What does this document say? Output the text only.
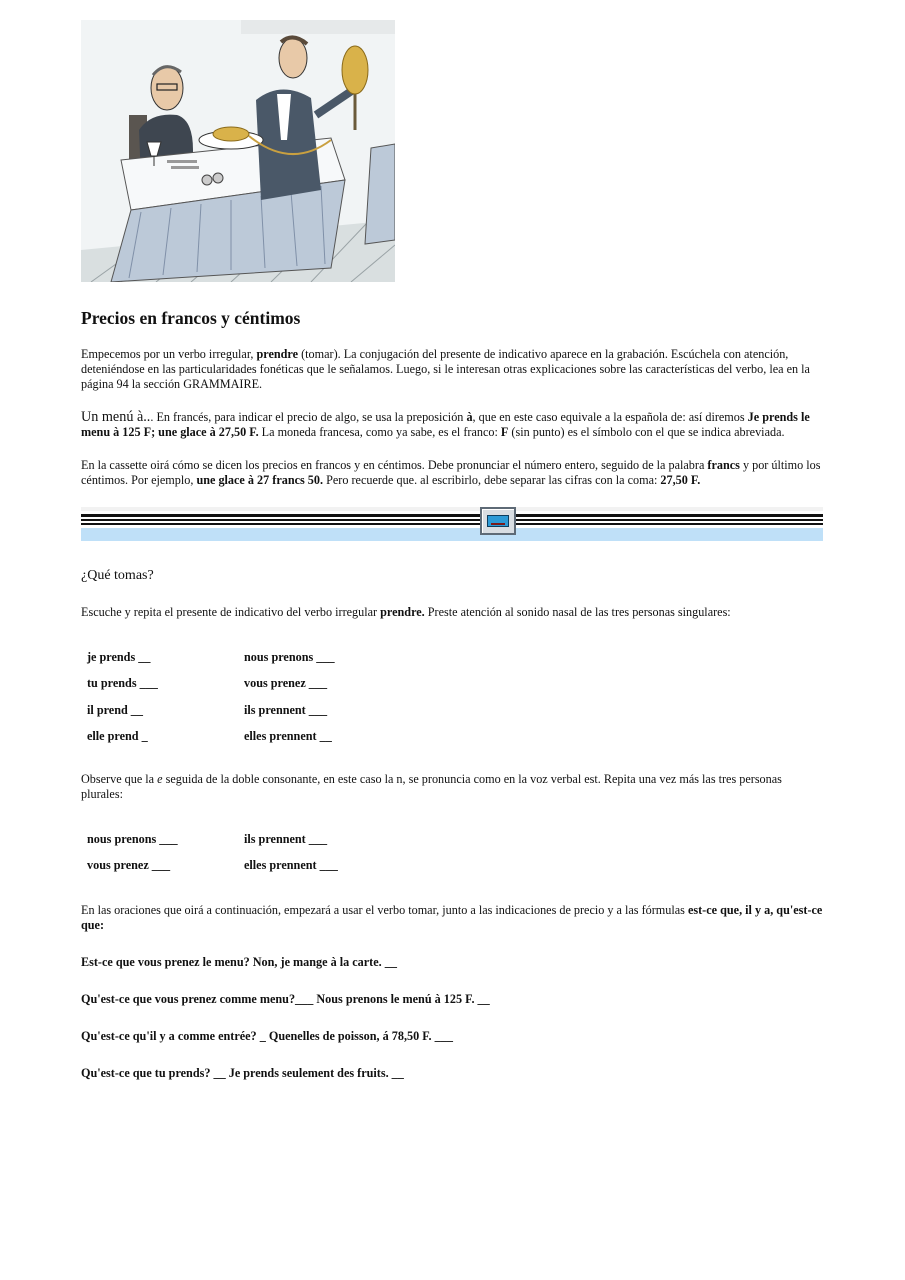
Precios en francos y céntimos

Empecemos por un verbo irregular, prendre (tomar). La conjugación del presente de indicativo aparece en la grabación. Escúchela con atención, deteniéndose en las particularidades fonéticas que le señalamos. Luego, si le interesan otras explicaciones sobre las características del verbo, lea en la página 94 la sección GRAMMAIRE.

Un menú à... En francés, para indicar el precio de algo, se usa la preposición à, que en este caso equivale a la española de: así diremos Je prends le menu à 125 F; une glace à 27,50 F. La moneda francesa, como ya sabe, es el franco: F (sin punto) es el símbolo con el que se indica abreviada.

En la cassette oirá cómo se dicen los precios en francos y en céntimos. Debe pronunciar el número entero, seguido de la palabra francs y por último los céntimos. Por ejemplo, une glace à 27 francs 50. Pero recuerde que. al escribirlo, debe separar las cifras con la coma: 27,50 F.

¿Qué tomas?

Escuche y repita el presente de indicativo del verbo irregular prendre. Preste atención al sonido nasal de las tres personas singulares:

je prends __	nous prenons ___
tu prends ___	vous prenez ___
il prend __	ils prennent ___
elle prend _	elles prennent __

Observe que la e seguida de la doble consonante, en este caso la n, se pronuncia como en la voz verbal est. Repita una vez más las tres personas plurales:

nous prenons ___	ils prennent ___
vous prenez ___	elles prennent ___

En las oraciones que oirá a continuación, empezará a usar el verbo tomar, junto a las indicaciones de precio y a las fórmulas est-ce que, il y a, qu'est-ce que:

Est-ce que vous prenez le menu? Non, je mange à la carte. __

Qu'est-ce que vous prenez comme menu?___ Nous prenons le menú à 125 F. __

Qu'est-ce qu'il y a comme entrée? _ Quenelles de poisson, á 78,50 F. ___

Qu'est-ce que tu prends? __ Je prends seulement des fruits. __
